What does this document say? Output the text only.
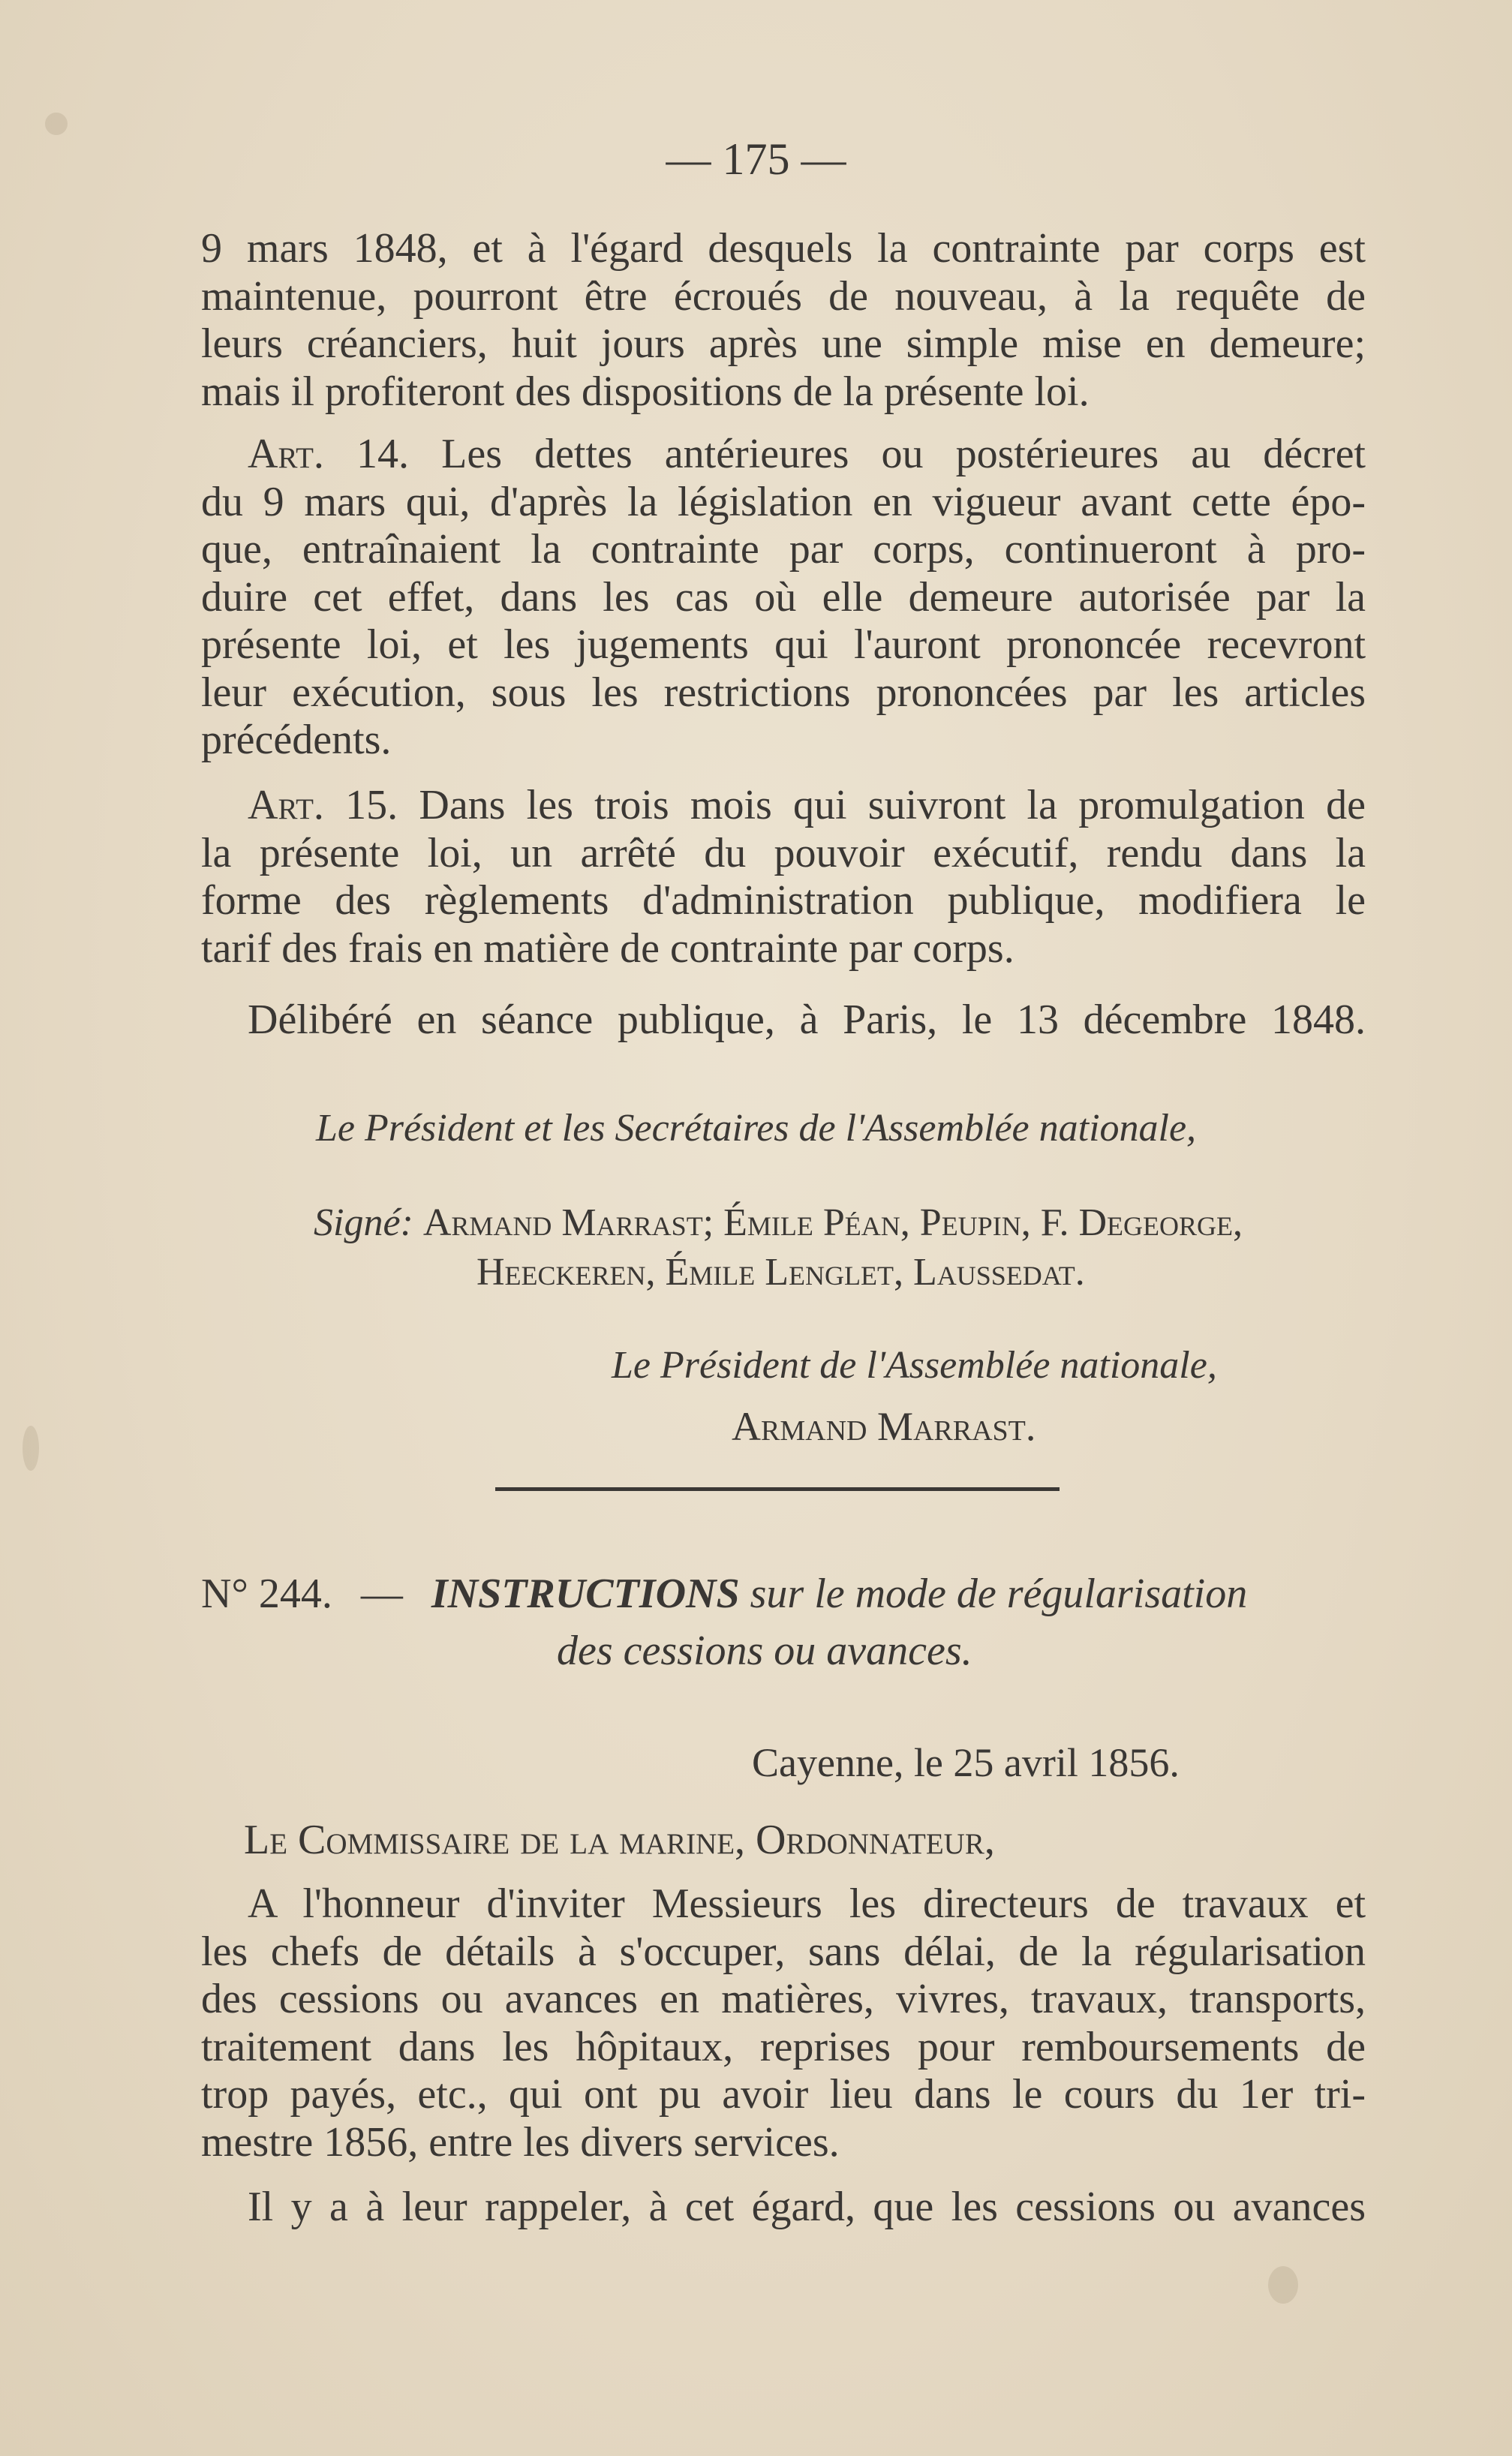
— 175 —
9 mars 1848, et à l'égard desquels la contrainte par corps est
maintenue, pourront être écroués de nouveau, à la requête de
leurs créanciers, huit jours après une simple mise en demeure;
mais il profiteront des dispositions de la présente loi.
Art. 14. Les dettes antérieures ou postérieures au décret
du 9 mars qui, d'après la législation en vigueur avant cette épo-
que, entraînaient la contrainte par corps, continueront à pro-
duire cet effet, dans les cas où elle demeure autorisée par la
présente loi, et les jugements qui l'auront prononcée recevront
leur exécution, sous les restrictions prononcées par les articles
précédents.
Art. 15. Dans les trois mois qui suivront la promulgation de
la présente loi, un arrêté du pouvoir exécutif, rendu dans la
forme des règlements d'administration publique, modifiera le
tarif des frais en matière de contrainte par corps.
Délibéré en séance publique, à Paris, le 13 décembre 1848.
Le Président et les Secrétaires de l'Assemblée nationale,
Signé: Armand Marrast; Émile Péan, Peupin, F. Degeorge,
Heeckeren, Émile Lenglet, Laussedat.
Le Président de l'Assemblée nationale,
Armand Marrast.
N° 244. — INSTRUCTIONS sur le mode de régularisation
des cessions ou avances.
Cayenne, le 25 avril 1856.
Le Commissaire de la marine, Ordonnateur,
A l'honneur d'inviter Messieurs les directeurs de travaux et
les chefs de détails à s'occuper, sans délai, de la régularisation
des cessions ou avances en matières, vivres, travaux, transports,
traitement dans les hôpitaux, reprises pour remboursements de
trop payés, etc., qui ont pu avoir lieu dans le cours du 1er tri-
mestre 1856, entre les divers services.
Il y a à leur rappeler, à cet égard, que les cessions ou avances
